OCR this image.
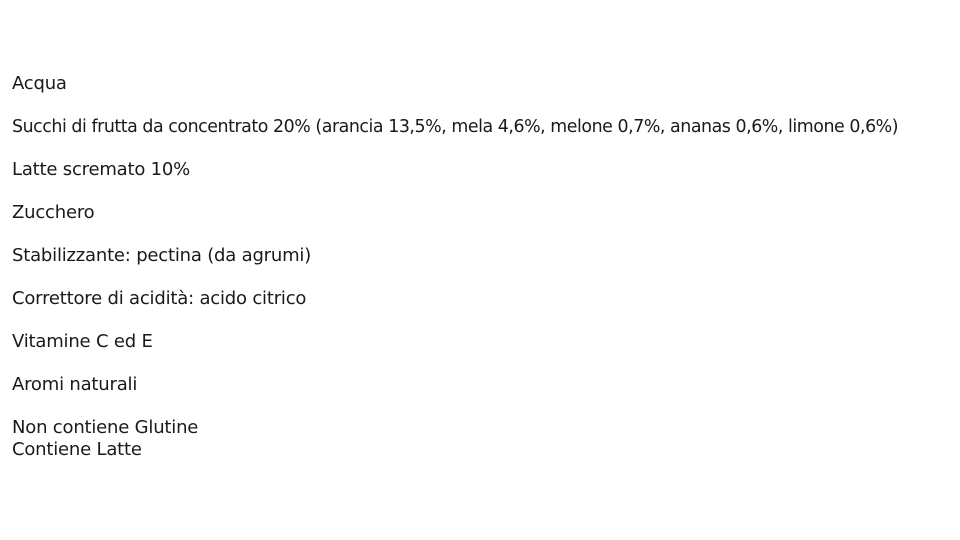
Acqua
Succhi di frutta da concentrato 20% (arancia 13,5%, mela 4,6%, melone 0,7%, ananas 0,6%, limone 0,6%)
Latte scremato 10%
Zucchero
Stabilizzante: pectina (da agrumi)
Correttore di acidità: acido citrico
Vitamine C ed E
Aromi naturali
Non contiene Glutine
Contiene Latte
